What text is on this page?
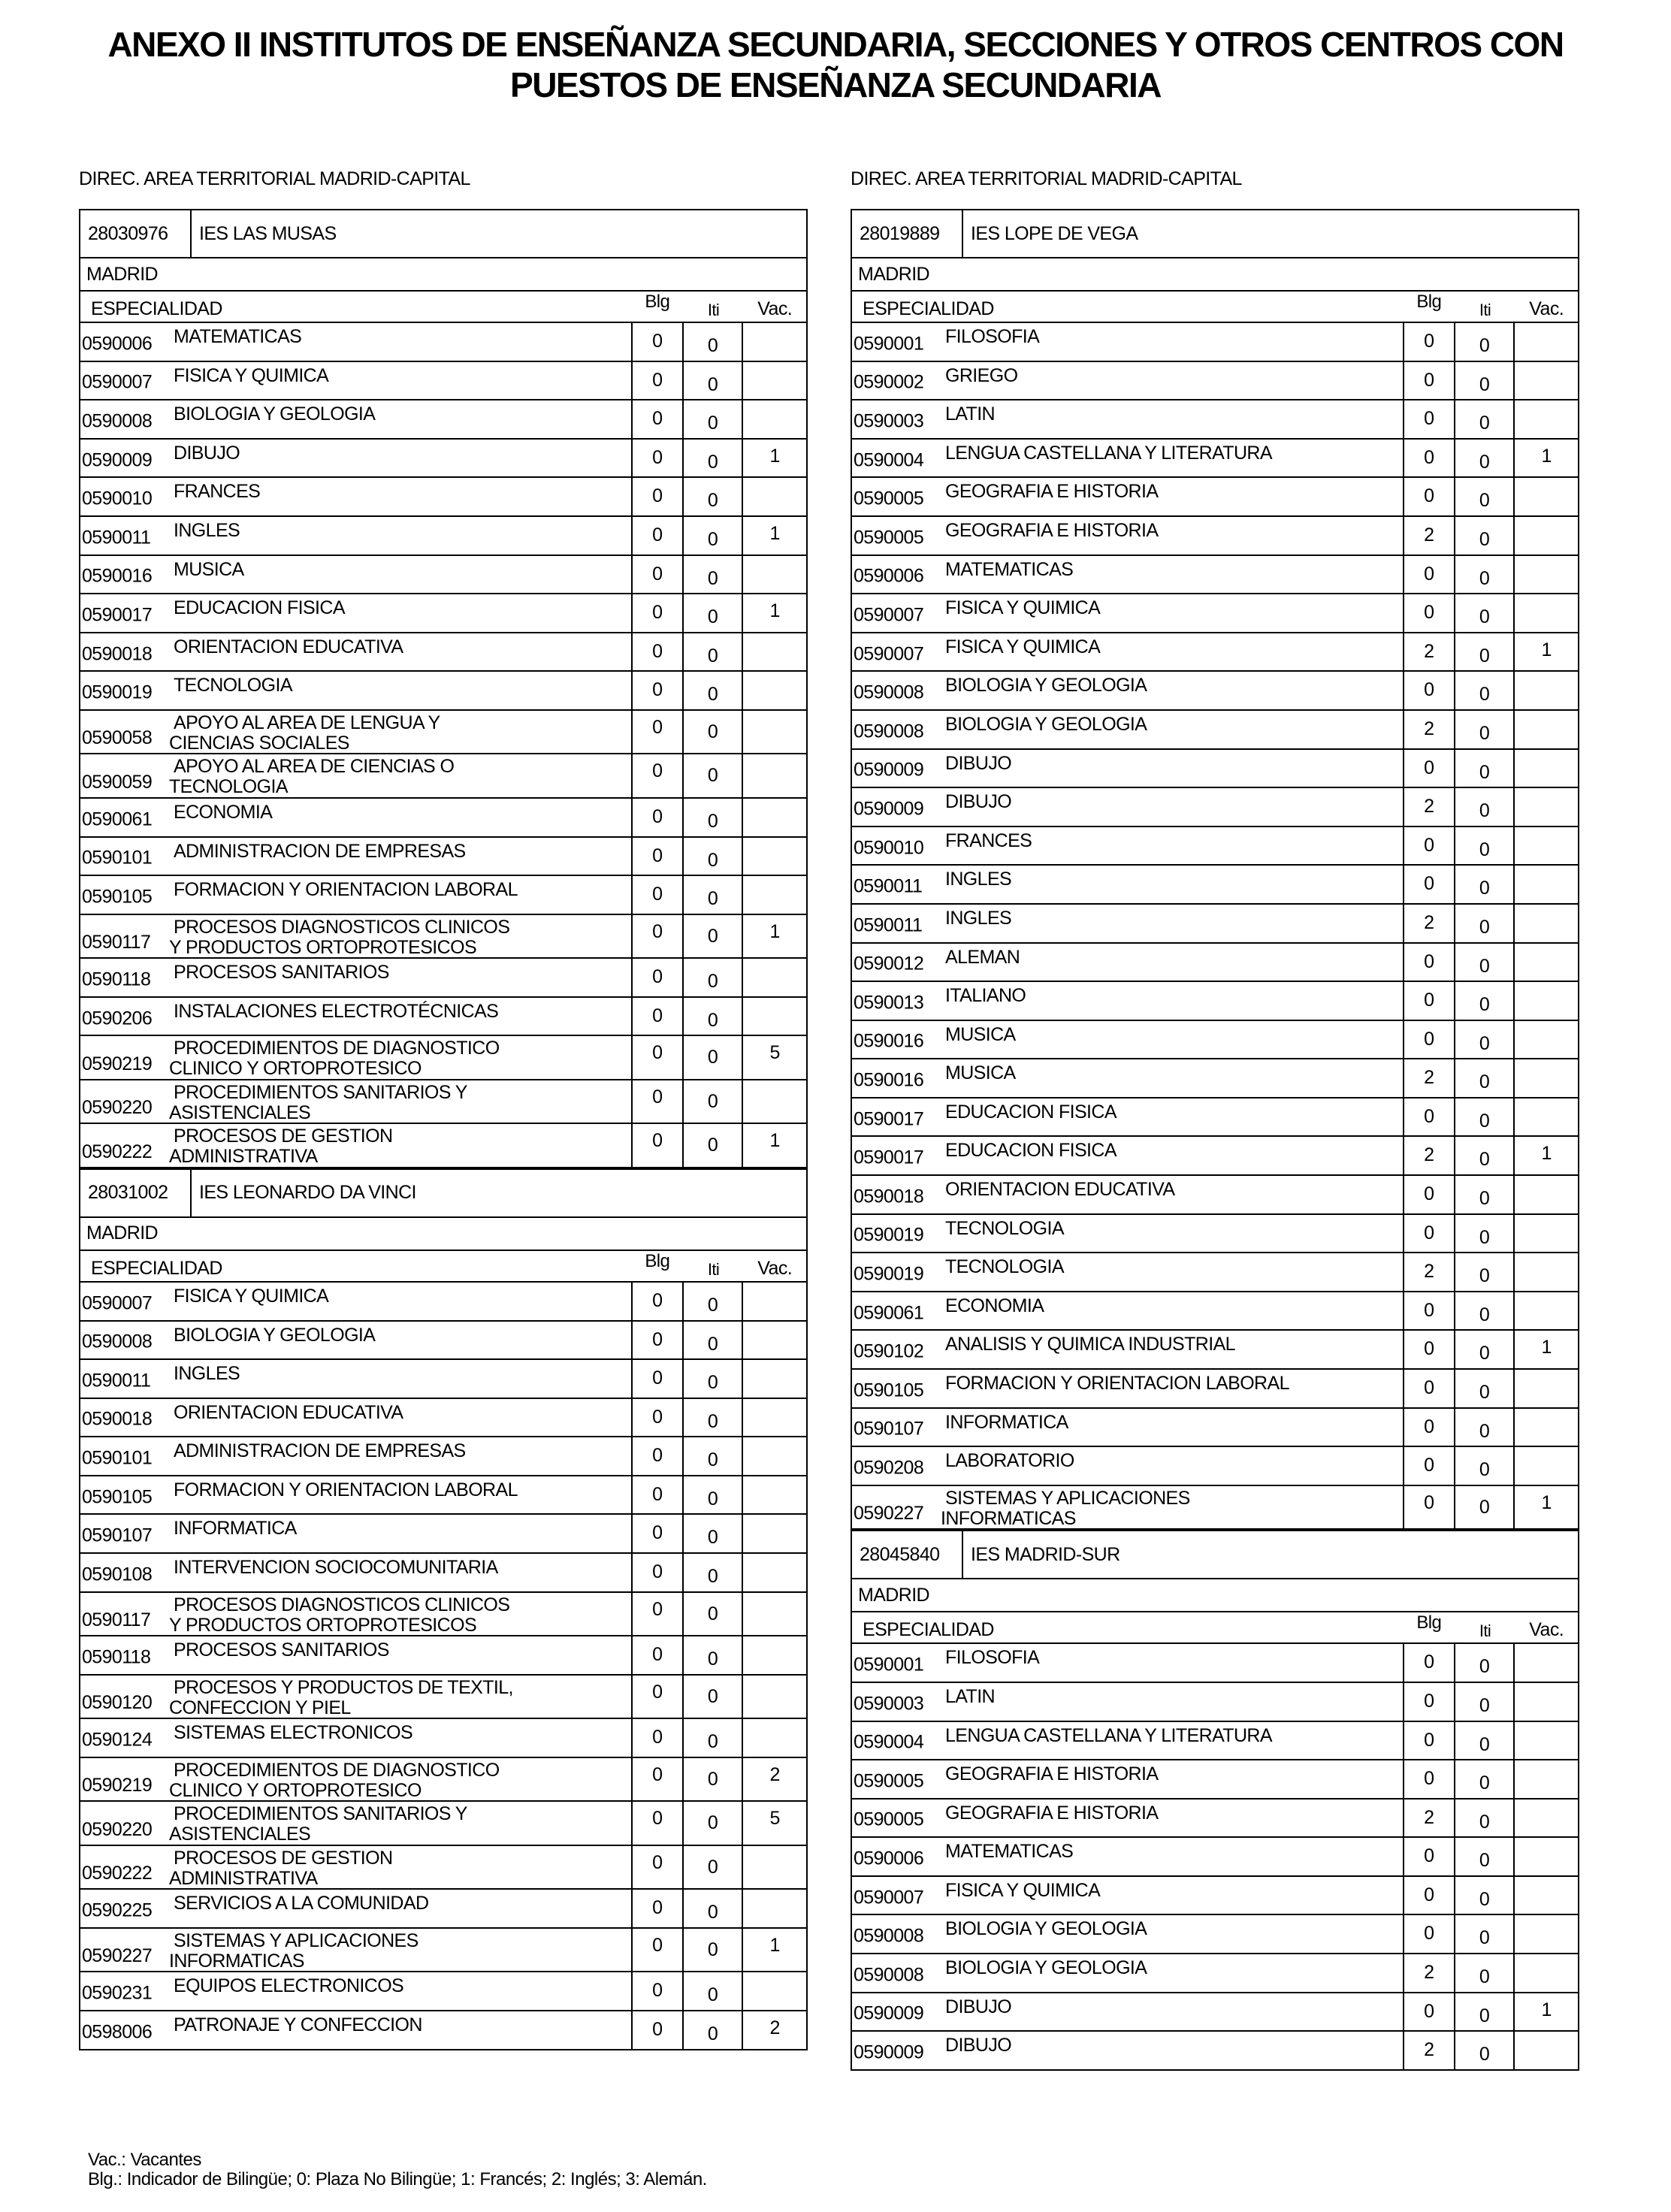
ANEXO II INSTITUTOS DE ENSEÑANZA SECUNDARIA, SECCIONES Y OTROS CENTROS CON
PUESTOS DE ENSEÑANZA SECUNDARIA
DIREC. AREA TERRITORIAL MADRID-CAPITAL
28030976	IES LAS MUSAS
MADRID
ESPECIALIDAD	Blg	Iti	Vac.
0590006 MATEMATICAS	0	0
0590007 FISICA Y QUIMICA	0	0
0590008 BIOLOGIA Y GEOLOGIA	0	0
0590009 DIBUJO	0	0	1
0590010 FRANCES	0	0
0590011 INGLES	0	0	1
0590016 MUSICA	0	0
0590017 EDUCACION FISICA	0	0	1
0590018 ORIENTACION EDUCATIVA	0	0
0590019 TECNOLOGIA	0	0
0590058
APOYO AL AREA DE LENGUA Y
CIENCIAS SOCIALES
0	0
0590059
APOYO AL AREA DE CIENCIAS O
TECNOLOGIA
0	0
0590061 ECONOMIA	0	0
0590101 ADMINISTRACION DE EMPRESAS	0	0
0590105 FORMACION Y ORIENTACION LABORAL	0	0
0590117
PROCESOS DIAGNOSTICOS CLINICOS
Y PRODUCTOS ORTOPROTESICOS
0	0	1
0590118 PROCESOS SANITARIOS	0	0
0590206 INSTALACIONES ELECTROTÉCNICAS	0	0
0590219
PROCEDIMIENTOS DE DIAGNOSTICO
CLINICO Y ORTOPROTESICO
0	0	5
0590220
PROCEDIMIENTOS SANITARIOS Y
ASISTENCIALES
0	0
0590222
PROCESOS DE GESTION
ADMINISTRATIVA
0	0	1
28031002	IES LEONARDO DA VINCI
MADRID
ESPECIALIDAD	Blg	Iti	Vac.
0590007 FISICA Y QUIMICA	0	0
0590008 BIOLOGIA Y GEOLOGIA	0	0
0590011 INGLES	0	0
0590018 ORIENTACION EDUCATIVA	0	0
0590101 ADMINISTRACION DE EMPRESAS	0	0
0590105 FORMACION Y ORIENTACION LABORAL	0	0
0590107 INFORMATICA	0	0
0590108 INTERVENCION SOCIOCOMUNITARIA	0	0
0590117
PROCESOS DIAGNOSTICOS CLINICOS
Y PRODUCTOS ORTOPROTESICOS
0	0
0590118 PROCESOS SANITARIOS	0	0
0590120
PROCESOS Y PRODUCTOS DE TEXTIL,
CONFECCION Y PIEL
0	0
0590124 SISTEMAS ELECTRONICOS	0	0
0590219
PROCEDIMIENTOS DE DIAGNOSTICO
CLINICO Y ORTOPROTESICO
0	0	2
0590220
PROCEDIMIENTOS SANITARIOS Y
ASISTENCIALES
0	0	5
0590222
PROCESOS DE GESTION
ADMINISTRATIVA
0	0
0590225 SERVICIOS A LA COMUNIDAD	0	0
0590227
SISTEMAS Y APLICACIONES
INFORMATICAS
0	0	1
0590231 EQUIPOS ELECTRONICOS	0	0
0598006 PATRONAJE Y CONFECCION	0	0	2
DIREC. AREA TERRITORIAL MADRID-CAPITAL
28019889	IES LOPE DE VEGA
MADRID
ESPECIALIDAD	Blg	Iti	Vac.
0590001 FILOSOFIA	0	0
0590002 GRIEGO	0	0
0590003 LATIN	0	0
0590004 LENGUA CASTELLANA Y LITERATURA	0	0	1
0590005 GEOGRAFIA E HISTORIA	0	0
0590005 GEOGRAFIA E HISTORIA	2	0
0590006 MATEMATICAS	0	0
0590007 FISICA Y QUIMICA	0	0
0590007 FISICA Y QUIMICA	2	0	1
0590008 BIOLOGIA Y GEOLOGIA	0	0
0590008 BIOLOGIA Y GEOLOGIA	2	0
0590009 DIBUJO	0	0
0590009 DIBUJO	2	0
0590010 FRANCES	0	0
0590011 INGLES	0	0
0590011 INGLES	2	0
0590012 ALEMAN	0	0
0590013 ITALIANO	0	0
0590016 MUSICA	0	0
0590016 MUSICA	2	0
0590017 EDUCACION FISICA	0	0
0590017 EDUCACION FISICA	2	0	1
0590018 ORIENTACION EDUCATIVA	0	0
0590019 TECNOLOGIA	0	0
0590019 TECNOLOGIA	2	0
0590061 ECONOMIA	0	0
0590102 ANALISIS Y QUIMICA INDUSTRIAL	0	0	1
0590105 FORMACION Y ORIENTACION LABORAL	0	0
0590107 INFORMATICA	0	0
0590208 LABORATORIO	0	0
0590227
SISTEMAS Y APLICACIONES
INFORMATICAS
0	0	1
28045840	IES MADRID-SUR
MADRID
ESPECIALIDAD	Blg	Iti	Vac.
0590001 FILOSOFIA	0	0
0590003 LATIN	0	0
0590004 LENGUA CASTELLANA Y LITERATURA	0	0
0590005 GEOGRAFIA E HISTORIA	0	0
0590005 GEOGRAFIA E HISTORIA	2	0
0590006 MATEMATICAS	0	0
0590007 FISICA Y QUIMICA	0	0
0590008 BIOLOGIA Y GEOLOGIA	0	0
0590008 BIOLOGIA Y GEOLOGIA	2	0
0590009 DIBUJO	0	0	1
0590009 DIBUJO	2	0
Vac.: Vacantes
Blg.: Indicador de Bilingüe; 0: Plaza No Bilingüe; 1: Francés; 2: Inglés; 3: Alemán.
